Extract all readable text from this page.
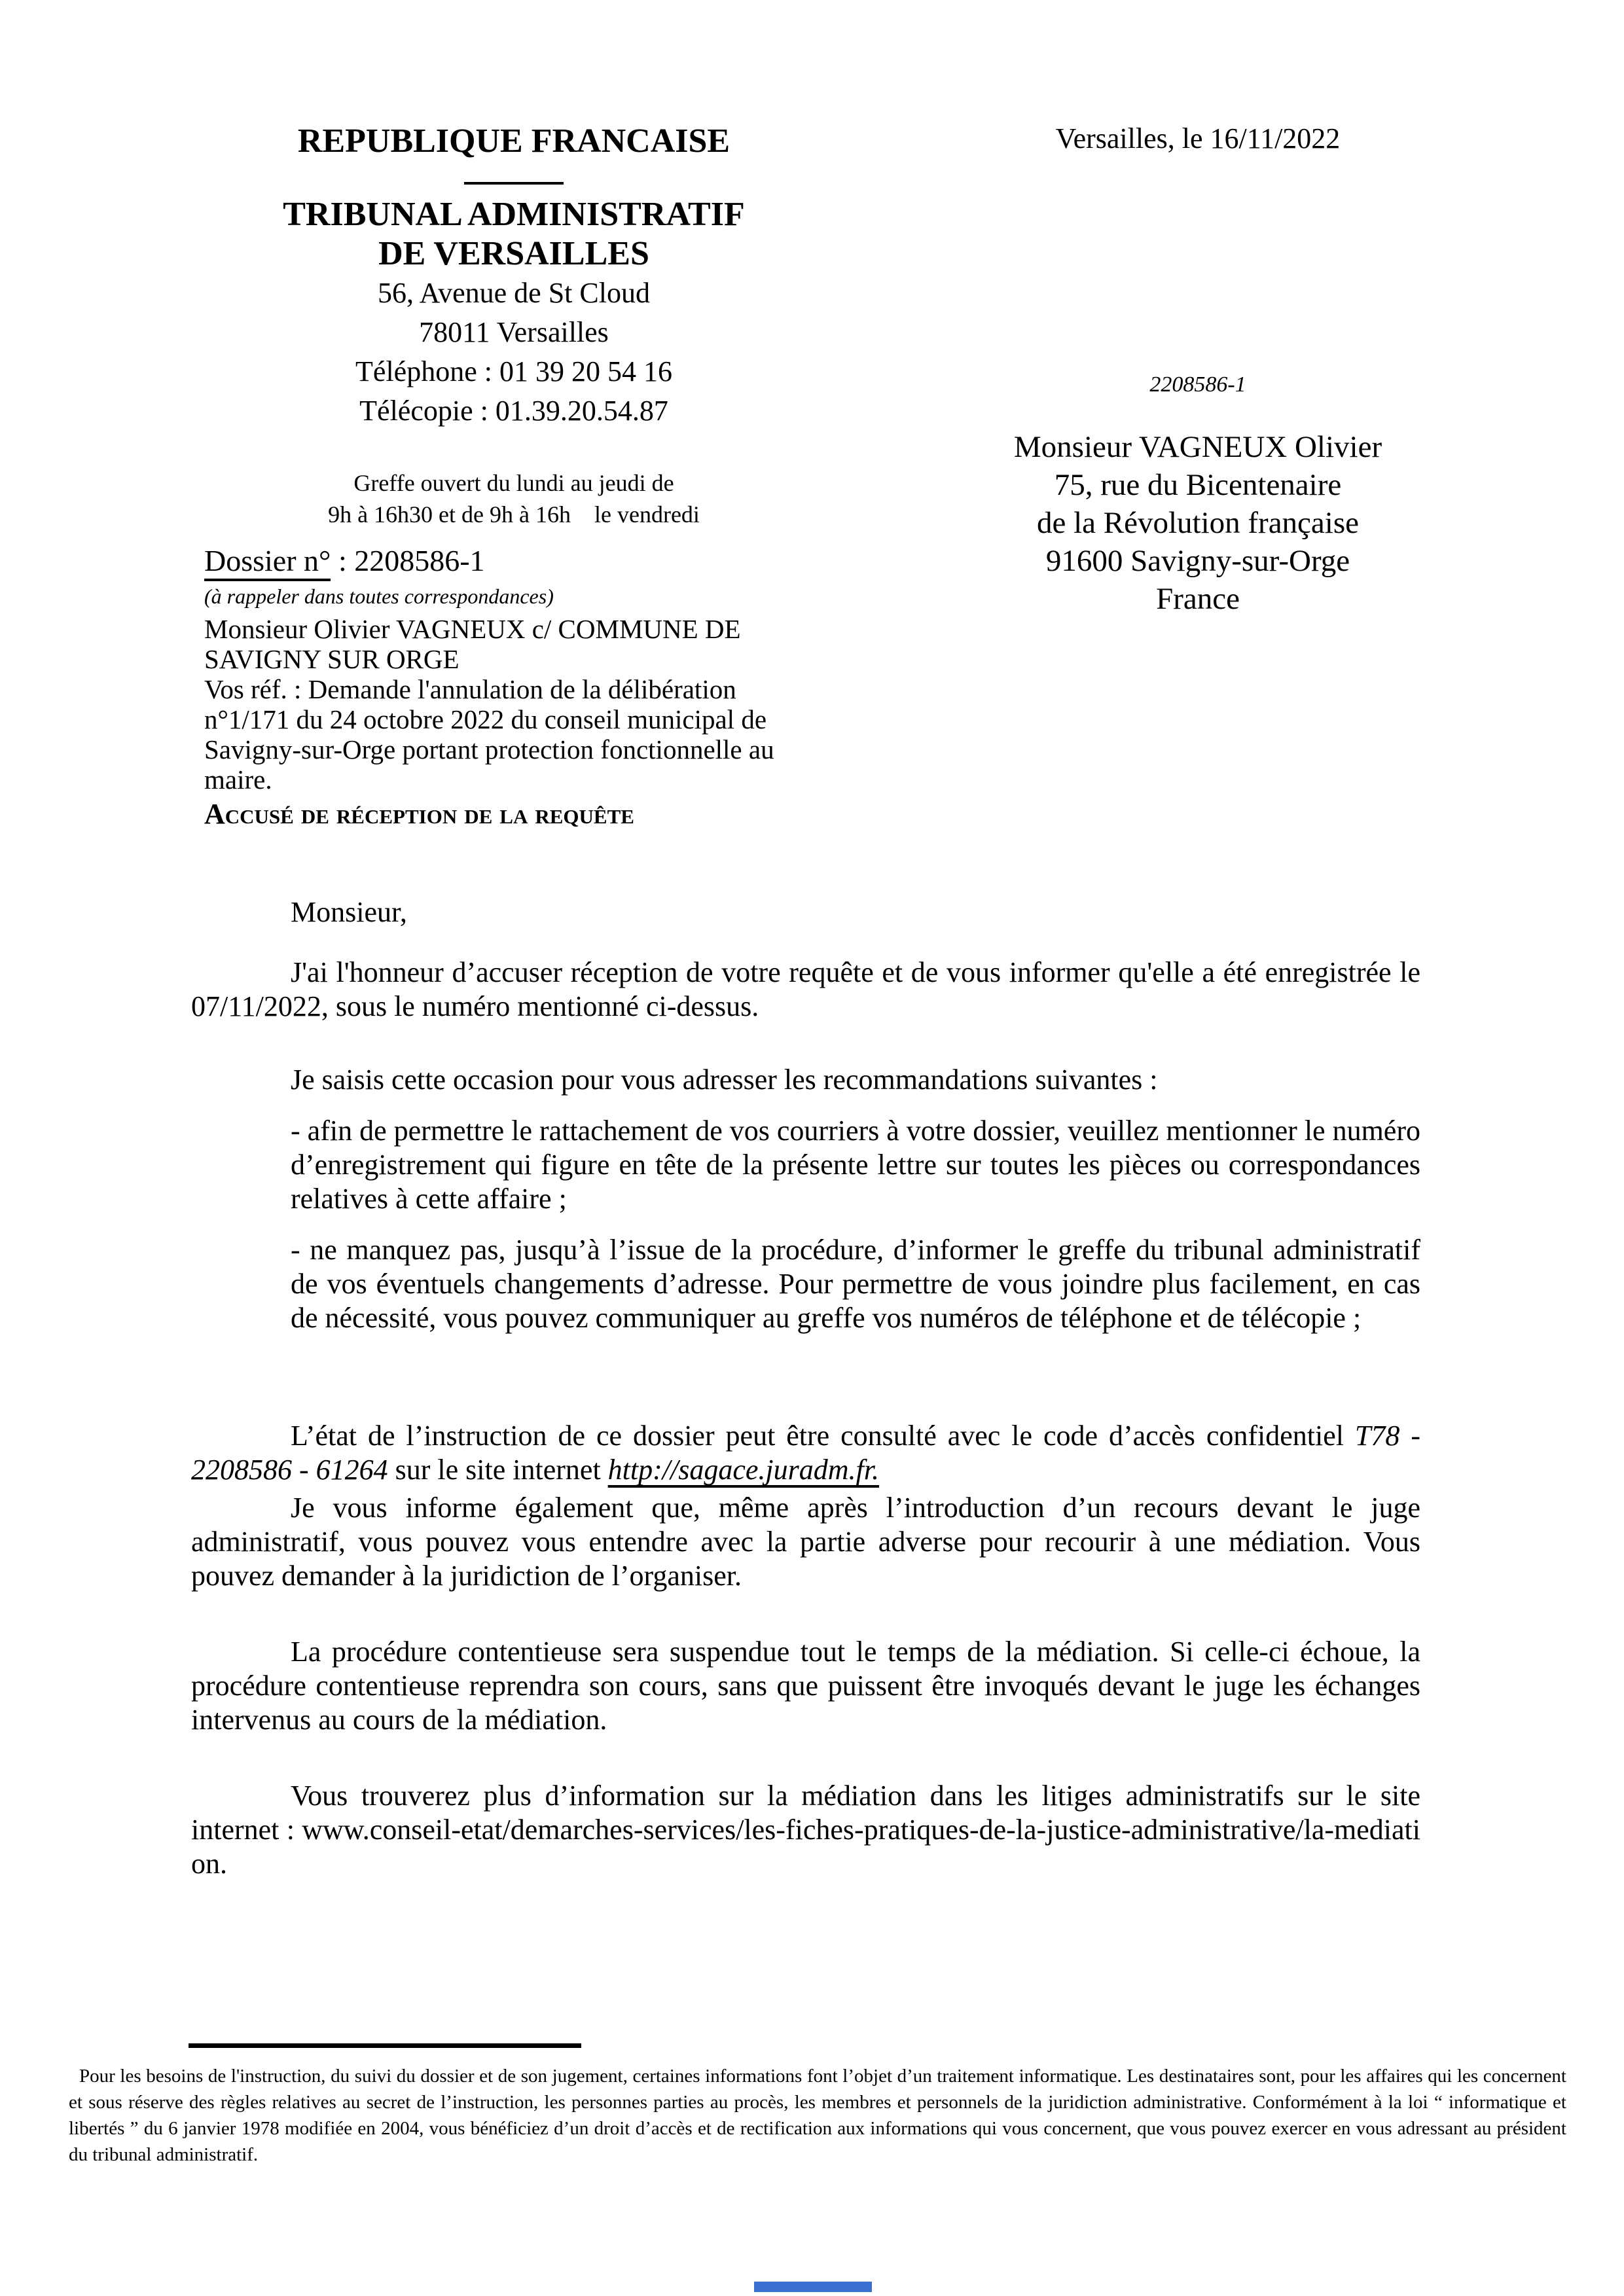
REPUBLIQUE FRANCAISE
TRIBUNAL ADMINISTRATIF
DE VERSAILLES
56, Avenue de St Cloud
78011 Versailles
Téléphone : 01 39 20 54 16
Télécopie : 01.39.20.54.87
Greffe ouvert du lundi au jeudi de
9h à 16h30 et de 9h à 16h    le vendredi
Versailles, le 16/11/2022
2208586-1
Monsieur VAGNEUX Olivier
75, rue du Bicentenaire
de la Révolution française
91600 Savigny-sur-Orge
France
Dossier n° : 2208586-1
(à rappeler dans toutes correspondances)
Monsieur Olivier VAGNEUX c/ COMMUNE DE SAVIGNY SUR ORGE
Vos réf. : Demande l'annulation de la délibération n°1/171 du 24 octobre 2022 du conseil municipal de Savigny-sur-Orge portant protection fonctionnelle au maire.
Accusé de réception de la requête
Monsieur,

J'ai l'honneur d’accuser réception de votre requête et de vous informer qu'elle a été enregistrée le 07/11/2022, sous le numéro mentionné ci-dessus.

Je saisis cette occasion pour vous adresser les recommandations suivantes :

- afin de permettre le rattachement de vos courriers à votre dossier, veuillez mentionner le numéro d’enregistrement qui figure en tête de la présente lettre sur toutes les pièces ou correspondances relatives à cette affaire ;

- ne manquez pas, jusqu’à l’issue de la procédure, d’informer le greffe du tribunal administratif de vos éventuels changements d’adresse. Pour permettre de vous joindre plus facilement, en cas de nécessité, vous pouvez communiquer au greffe vos numéros de téléphone et de télécopie ;

L’état de l’instruction de ce dossier peut être consulté avec le code d’accès confidentiel T78 - 2208586 - 61264 sur le site internet http://sagace.juradm.fr.

Je vous informe également que, même après l’introduction d’un recours devant le juge administratif, vous pouvez vous entendre avec la partie adverse pour recourir à une médiation. Vous pouvez demander à la juridiction de l’organiser.

La procédure contentieuse sera suspendue tout le temps de la médiation. Si celle-ci échoue, la procédure contentieuse reprendra son cours, sans que puissent être invoqués devant le juge les échanges intervenus au cours de la médiation.

Vous trouverez plus d’information sur la médiation dans les litiges administratifs sur le site internet : www.conseil-etat/demarches-services/les-fiches-pratiques-de-la-justice-administrative/la-mediation.

Pour les besoins de l'instruction, du suivi du dossier et de son jugement, certaines informations font l’objet d’un traitement informatique. Les destinataires sont, pour les affaires qui les concernent et sous réserve des règles relatives au secret de l’instruction, les personnes parties au procès, les membres et personnels de la juridiction administrative. Conformément à la loi “ informatique et libertés ” du 6 janvier 1978 modifiée en 2004, vous bénéficiez d’un droit d’accès et de rectification aux informations qui vous concernent, que vous pouvez exercer en vous adressant au président du tribunal administratif.
